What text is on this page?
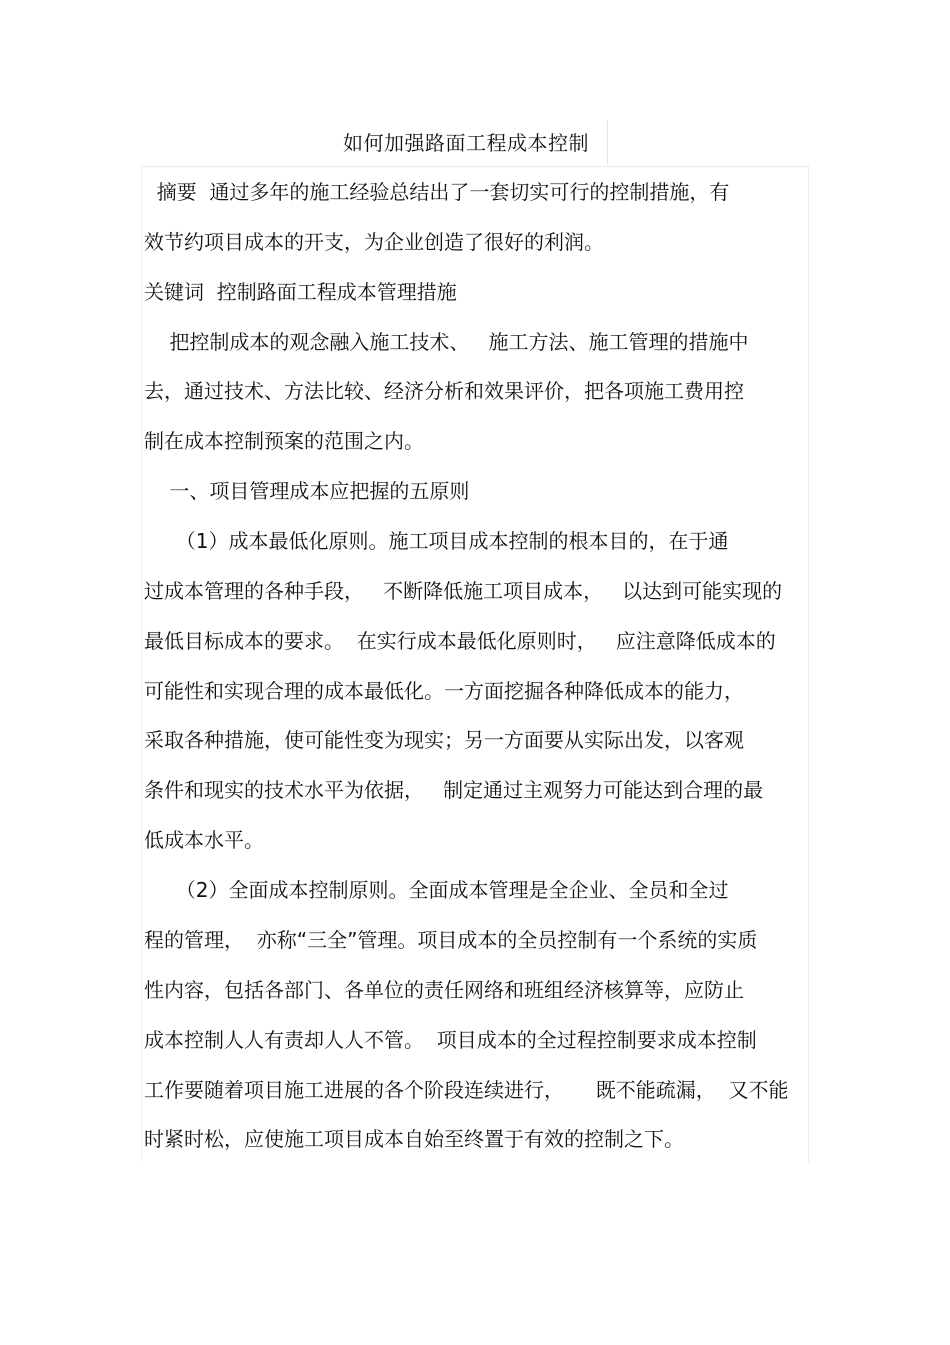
如何加强路面工程成本控制
摘要  通过多年的施工经验总结出了一套切实可行的控制措施，有
效节约项目成本的开支，为企业创造了很好的利润。
关键词  控制路面工程成本管理措施
把控制成本的观念融入施工技术、   施工方法、施工管理的措施中
去，通过技术、方法比较、经济分析和效果评价，把各项施工费用控
制在成本控制预案的范围之内。
一、项目管理成本应把握的五原则
（1）成本最低化原则。施工项目成本控制的根本目的，在于通
过成本管理的各种手段，   不断降低施工项目成本，   以达到可能实现的
最低目标成本的要求。  在实行成本最低化原则时，   应注意降低成本的
可能性和实现合理的成本最低化。一方面挖掘各种降低成本的能力，
采取各种措施，使可能性变为现实；另一方面要从实际出发，以客观
条件和现实的技术水平为依据，   制定通过主观努力可能达到合理的最
低成本水平。
（2）全面成本控制原则。全面成本管理是全企业、全员和全过
程的管理，  亦称“三全”管理。项目成本的全员控制有一个系统的实质
性内容，包括各部门、各单位的责任网络和班组经济核算等，应防止
成本控制人人有责却人人不管。  项目成本的全过程控制要求成本控制
工作要随着项目施工进展的各个阶段连续进行，     既不能疏漏，  又不能
时紧时松，应使施工项目成本自始至终置于有效的控制之下。
